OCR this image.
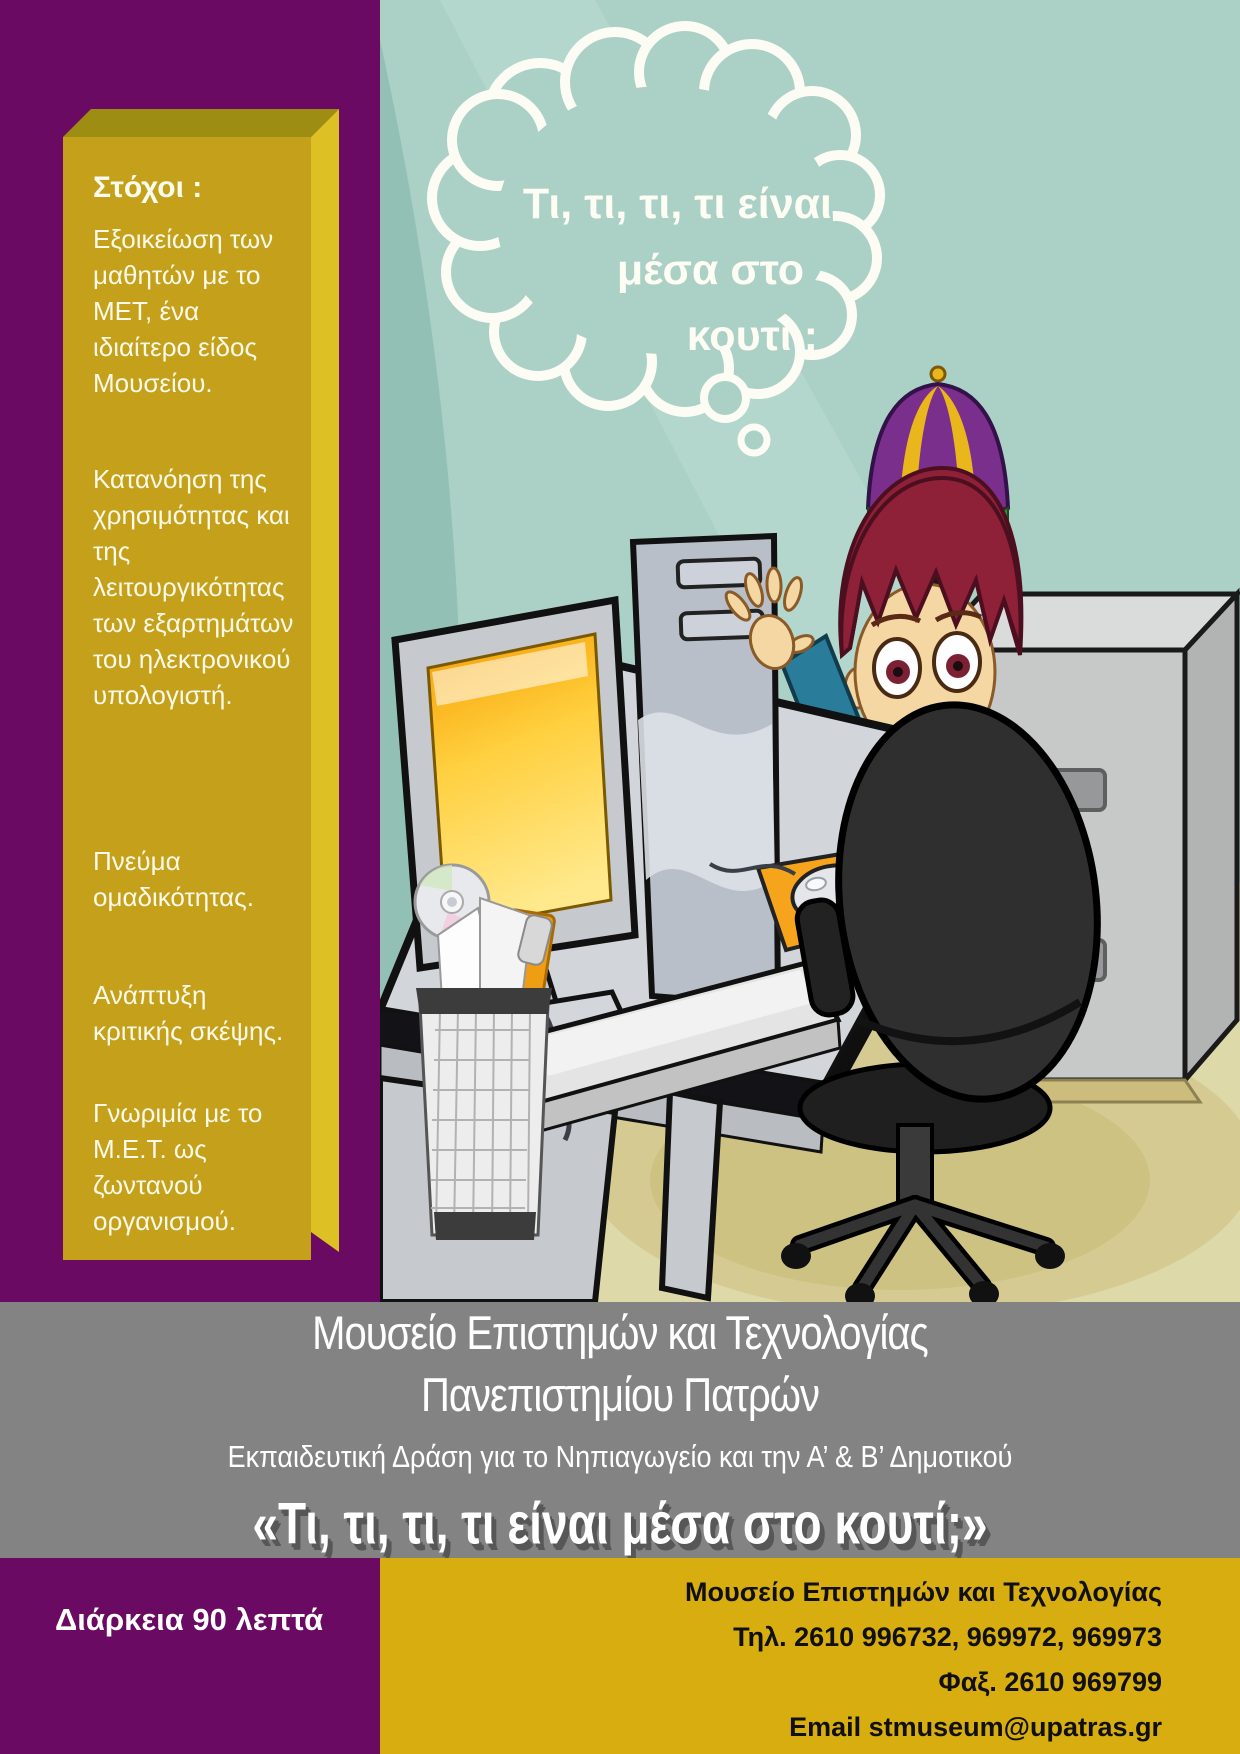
Στόχοι :

Εξοικείωση των μαθητών με το ΜΕΤ, ένα ιδιαίτερο είδος Μουσείου.

Κατανόηση της χρησιμότητας και της λειτουργικότητας των εξαρτημάτων του ηλεκτρονικού υπολογιστή.

Πνεύμα ομαδικότητας.

Ανάπτυξη κριτικής σκέψης.

Γνωριμία με το Μ.Ε.Τ. ως ζωντανού οργανισμού.

Τι, τι, τι, τι είναι
μέσα στο
κουτί ;
Μουσείο Επιστημών και Τεχνολογίας
Πανεπιστημίου Πατρών
Εκπαιδευτική Δράση για το Νηπιαγωγείο και την Α’ & Β’ Δημοτικού
«Τι, τι, τι, τι είναι μέσα στο κουτί;»
Διάρκεια 90 λεπτά
Μουσείο Επιστημών και Τεχνολογίας
Τηλ. 2610 996732, 969972, 969973
Φαξ. 2610 969799
Email stmuseum@upatras.gr
